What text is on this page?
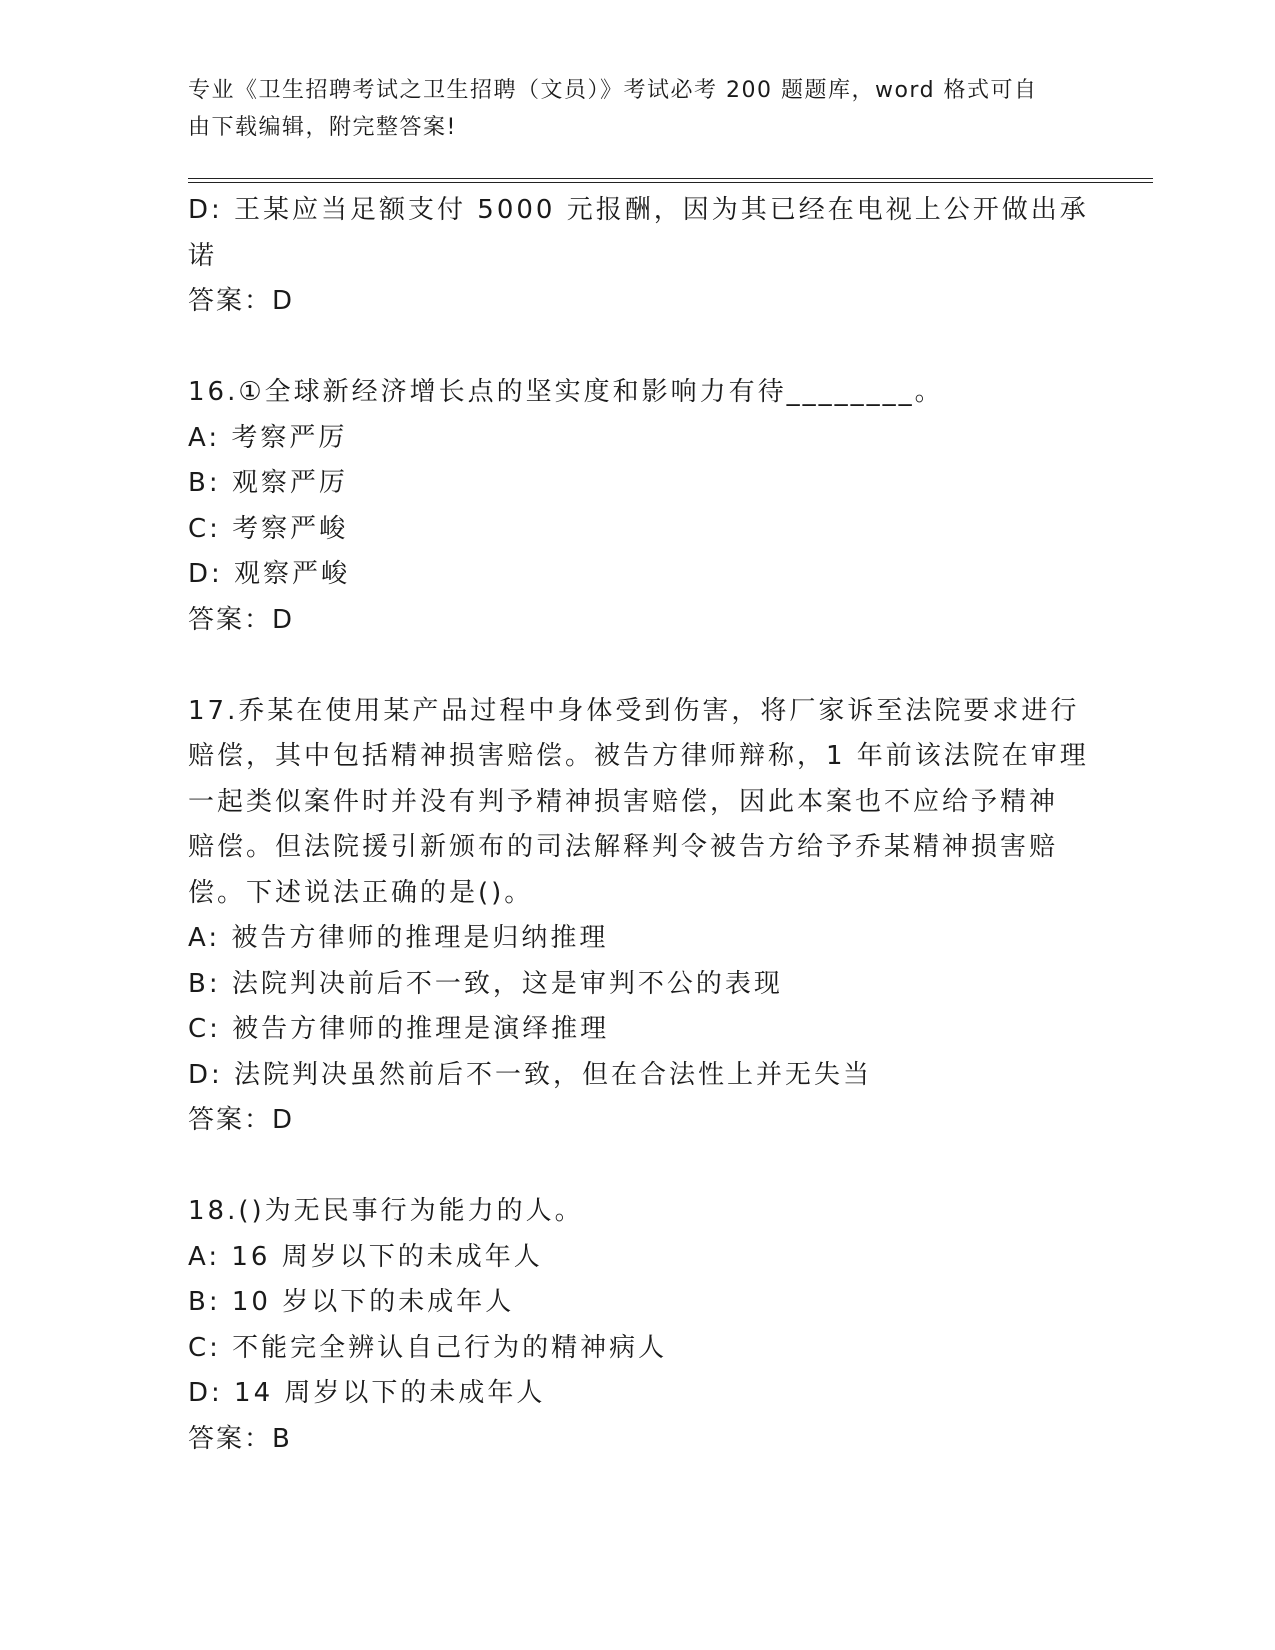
专业《卫生招聘考试之卫生招聘（文员）》考试必考 200 题题库，word 格式可自
由下载编辑，附完整答案!
D: 王某应当足额支付 5000 元报酬，因为其已经在电视上公开做出承
诺
答案：D
16.①全球新经济增长点的坚实度和影响力有待________。
A: 考察严厉
B: 观察严厉
C: 考察严峻
D: 观察严峻
答案：D
17.乔某在使用某产品过程中身体受到伤害，将厂家诉至法院要求进行
赔偿，其中包括精神损害赔偿。被告方律师辩称，1 年前该法院在审理
一起类似案件时并没有判予精神损害赔偿，因此本案也不应给予精神
赔偿。但法院援引新颁布的司法解释判令被告方给予乔某精神损害赔
偿。下述说法正确的是()。
A: 被告方律师的推理是归纳推理
B: 法院判决前后不一致，这是审判不公的表现
C: 被告方律师的推理是演绎推理
D: 法院判决虽然前后不一致，但在合法性上并无失当
答案：D
18.()为无民事行为能力的人。
A: 16 周岁以下的未成年人
B: 10 岁以下的未成年人
C: 不能完全辨认自己行为的精神病人
D: 14 周岁以下的未成年人
答案：B
